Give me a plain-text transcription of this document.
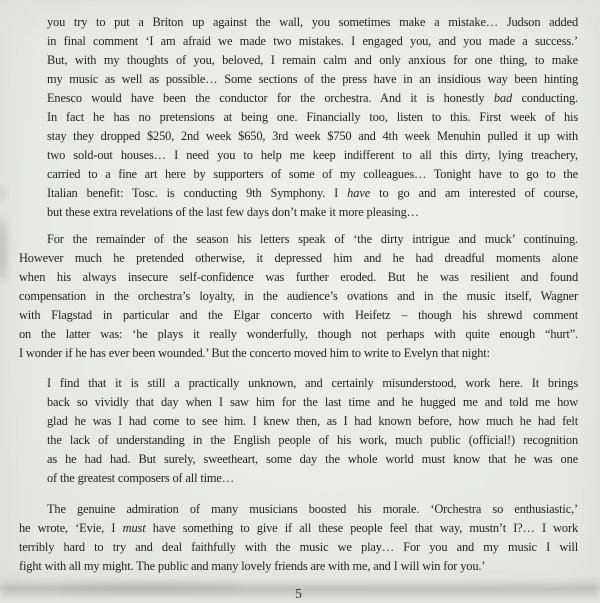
you try to put a Briton up against the wall, you sometimes make a mistake… Judson added
in final comment ‘I am afraid we made two mistakes. I engaged you, and you made a success.’
But, with my thoughts of you, beloved, I remain calm and only anxious for one thing, to make
my music as well as possible… Some sections of the press have in an insidious way been hinting
Enesco would have been the conductor for the orchestra. And it is honestly bad conducting.
In fact he has no pretensions at being one. Financially too, listen to this. First week of his
stay they dropped $250, 2nd week $650, 3rd week $750 and 4th week Menuhin pulled it up with
two sold-out houses… I need you to help me keep indifferent to all this dirty, lying treachery,
carried to a fine art here by supporters of some of my colleagues… Tonight have to go to the
Italian benefit: Tosc. is conducting 9th Symphony. I have to go and am interested of course,
but these extra revelations of the last few days don’t make it more pleasing…
For the remainder of the season his letters speak of ‘the dirty intrigue and muck’ continuing.
However much he pretended otherwise, it depressed him and he had dreadful moments alone
when his always insecure self-confidence was further eroded. But he was resilient and found
compensation in the orchestra’s loyalty, in the audience’s ovations and in the music itself, Wagner
with Flagstad in particular and the Elgar concerto with Heifetz – though his shrewd comment
on the latter was: ‘he plays it really wonderfully, though not perhaps with quite enough “hurt”.
I wonder if he has ever been wounded.’ But the concerto moved him to write to Evelyn that night:
I find that it is still a practically unknown, and certainly misunderstood, work here. It brings
back so vividly that day when I saw him for the last time and he hugged me and told me how
glad he was I had come to see him. I knew then, as I had known before, how much he had felt
the lack of understanding in the English people of his work, much public (official!) recognition
as he had had. But surely, sweetheart, some day the whole world must know that he was one
of the greatest composers of all time…
The genuine admiration of many musicians boosted his morale. ‘Orchestra so enthusiastic,’
he wrote, ‘Evie, I must have something to give if all these people feel that way, mustn’t I?… I work
terribly hard to try and deal faithfully with the music we play… For you and my music I will
fight with all my might. The public and many lovely friends are with me, and I will win for you.’
5
